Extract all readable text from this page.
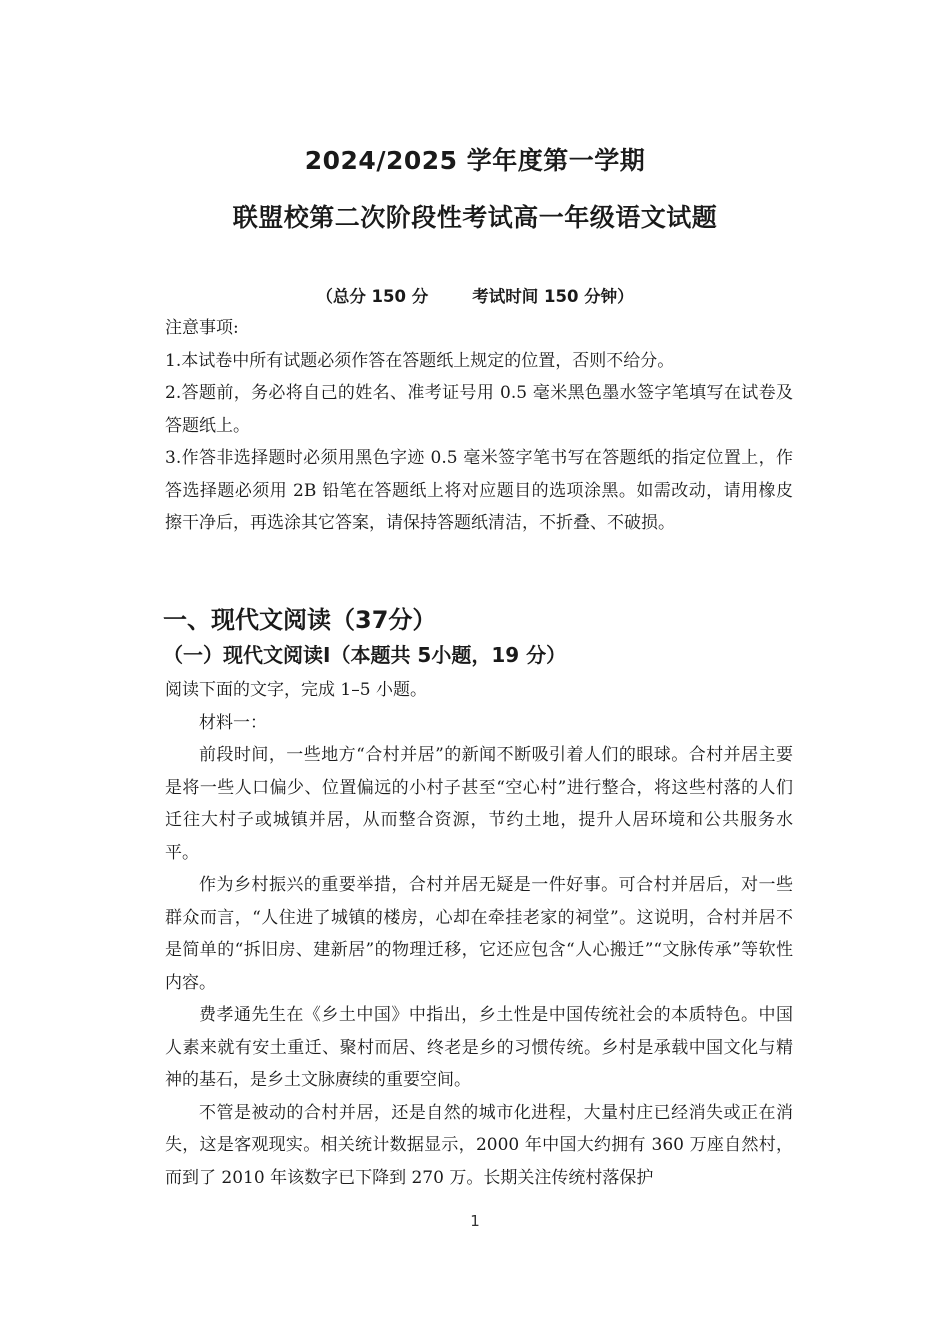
2024/2025 学年度第一学期
联盟校第二次阶段性考试高一年级语文试题
（总分 150 分	考试时间 150 分钟）

注意事项:

1.本试卷中所有试题必须作答在答题纸上规定的位置，否则不给分。

2.答题前，务必将自己的姓名、准考证号用 0.5 毫米黑色墨水签字笔填写在试卷及答题纸上。

3.作答非选择题时必须用黑色字迹 0.5 毫米签字笔书写在答题纸的指定位置上，作答选择题必须用 2B 铅笔在答题纸上将对应题目的选项涂黑。如需改动，请用橡皮擦干净后，再选涂其它答案，请保持答题纸清洁，不折叠、不破损。

一、现代文阅读（37分）
（一）现代文阅读Ⅰ（本题共 5小题，19 分）

阅读下面的文字，完成 1–5 小题。

材料一：

前段时间，一些地方“合村并居”的新闻不断吸引着人们的眼球。合村并居主要是将一些人口偏少、位置偏远的小村子甚至“空心村”进行整合，将这些村落的人们迁往大村子或城镇并居，从而整合资源，节约土地，提升人居环境和公共服务水平。

作为乡村振兴的重要举措，合村并居无疑是一件好事。可合村并居后，对一些群众而言，“人住进了城镇的楼房，心却在牵挂老家的祠堂”。这说明，合村并居不是简单的“拆旧房、建新居”的物理迁移，它还应包含“人心搬迁”“文脉传承”等软性内容。

费孝通先生在《乡土中国》中指出，乡土性是中国传统社会的本质特色。中国人素来就有安土重迁、聚村而居、终老是乡的习惯传统。乡村是承载中国文化与精神的基石，是乡土文脉赓续的重要空间。

不管是被动的合村并居，还是自然的城市化进程，大量村庄已经消失或正在消失，这是客观现实。相关统计数据显示，2000 年中国大约拥有 360 万座自然村，而到了 2010 年该数字已下降到 270 万。长期关注传统村落保护

1
